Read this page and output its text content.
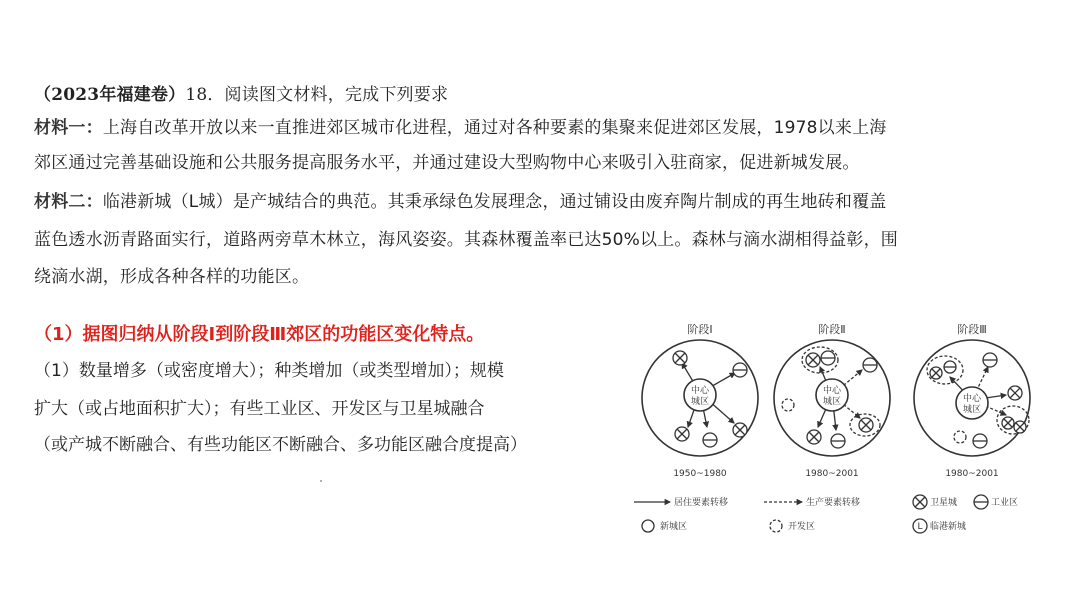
（2023年福建卷）18．阅读图文材料，完成下列要求
材料一：上海自改革开放以来一直推进郊区城市化进程，通过对各种要素的集聚来促进郊区发展，1978以来上海
郊区通过完善基础设施和公共服务提高服务水平，并通过建设大型购物中心来吸引入驻商家，促进新城发展。
材料二：临港新城（L城）是产城结合的典范。其秉承绿色发展理念，通过铺设由废弃陶片制成的再生地砖和覆盖
蓝色透水沥青路面实行，道路两旁草木林立，海风姿姿。其森林覆盖率已达50%以上。森林与滴水湖相得益彰，围
绕滴水湖，形成各种各样的功能区。
（1）据图归纳从阶段Ⅰ到阶段Ⅲ郊区的功能区变化特点。
（1）数量增多（或密度增大）；种类增加（或类型增加）；规模
扩大（或占地面积扩大）；有些工业区、开发区与卫星城融合
（或产城不断融合、有些功能区不断融合、多功能区融合度提高）
阶段Ⅰ
中心
城区
1950~1980
阶段Ⅱ
中心
城区
1980~2001
阶段Ⅲ
中心
城区
1980~2001
居住要素转移	生产要素转移	卫星城	工业区
新城区	开发区	L 临港新城
